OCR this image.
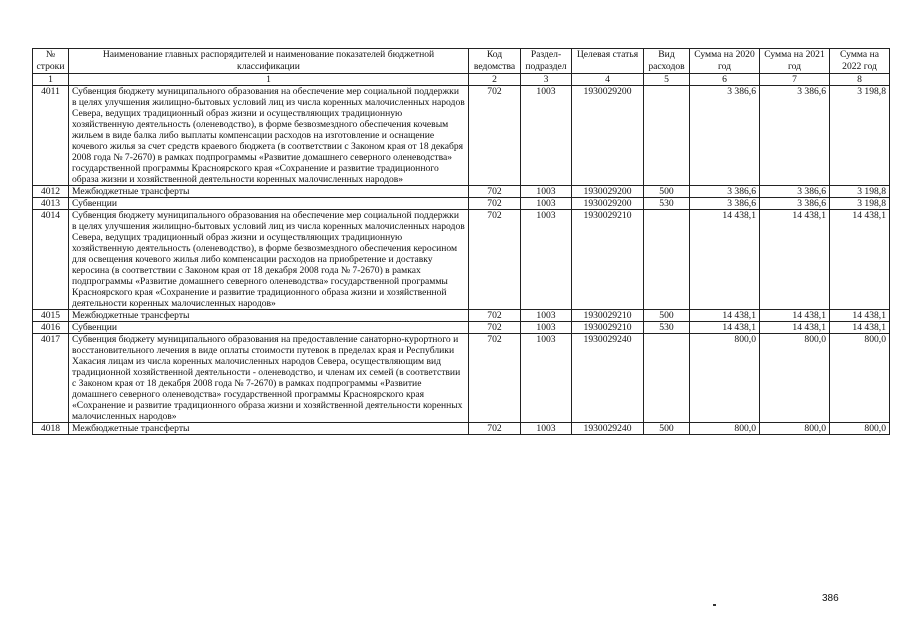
№ строки	Наименование главных распорядителей и наименование показателей бюджетной классификации	Код ведомства	Раздел-подраздел	Целевая статья	Вид расходов	Сумма на 2020 год	Сумма на 2021 год	Сумма на 2022 год
1	1	2	3	4	5	6	7	8
4011	Субвенция бюджету муниципального образования на обеспечение мер социальной поддержки в целях улучшения жилищно-бытовых условий лиц из числа коренных малочисленных народов Севера, ведущих традиционный образ жизни и осуществляющих традиционную хозяйственную деятельность (оленеводство), в форме безвозмездного обеспечения кочевым жильем в виде балка либо выплаты компенсации расходов на изготовление и оснащение кочевого жилья за счет средств краевого бюджета (в соответствии с Законом края от 18 декабря 2008 года № 7-2670) в рамках подпрограммы «Развитие домашнего северного оленеводства» государственной программы Красноярского края «Сохранение и развитие традиционного образа жизни и хозяйственной деятельности коренных малочисленных народов»	702	1003	1930029200		3 386,6	3 386,6	3 198,8
4012	Межбюджетные трансферты	702	1003	1930029200	500	3 386,6	3 386,6	3 198,8
4013	Субвенции	702	1003	1930029200	530	3 386,6	3 386,6	3 198,8
4014	Субвенция бюджету муниципального образования на обеспечение мер социальной поддержки в целях улучшения жилищно-бытовых условий лиц из числа коренных малочисленных народов Севера, ведущих традиционный образ жизни и осуществляющих традиционную хозяйственную деятельность (оленеводство), в форме безвозмездного обеспечения керосином для освещения кочевого жилья либо компенсации расходов на приобретение и доставку керосина (в соответствии с Законом края от 18 декабря 2008 года № 7-2670) в рамках подпрограммы «Развитие домашнего северного оленеводства» государственной программы Красноярского края «Сохранение и развитие традиционного образа жизни и хозяйственной деятельности коренных малочисленных народов»	702	1003	1930029210		14 438,1	14 438,1	14 438,1
4015	Межбюджетные трансферты	702	1003	1930029210	500	14 438,1	14 438,1	14 438,1
4016	Субвенции	702	1003	1930029210	530	14 438,1	14 438,1	14 438,1
4017	Субвенция бюджету муниципального образования на предоставление санаторно-курортного и восстановительного лечения в виде оплаты стоимости путевок в пределах края и Республики Хакасия лицам из числа коренных малочисленных народов Севера, осуществляющим вид традиционной хозяйственной деятельности - оленеводство, и членам их семей (в соответствии с Законом края от 18 декабря 2008 года № 7-2670) в рамках подпрограммы «Развитие домашнего северного оленеводства» государственной программы Красноярского края «Сохранение и развитие традиционного образа жизни и хозяйственной деятельности коренных малочисленных народов»	702	1003	1930029240		800,0	800,0	800,0
4018	Межбюджетные трансферты	702	1003	1930029240	500	800,0	800,0	800,0
386
